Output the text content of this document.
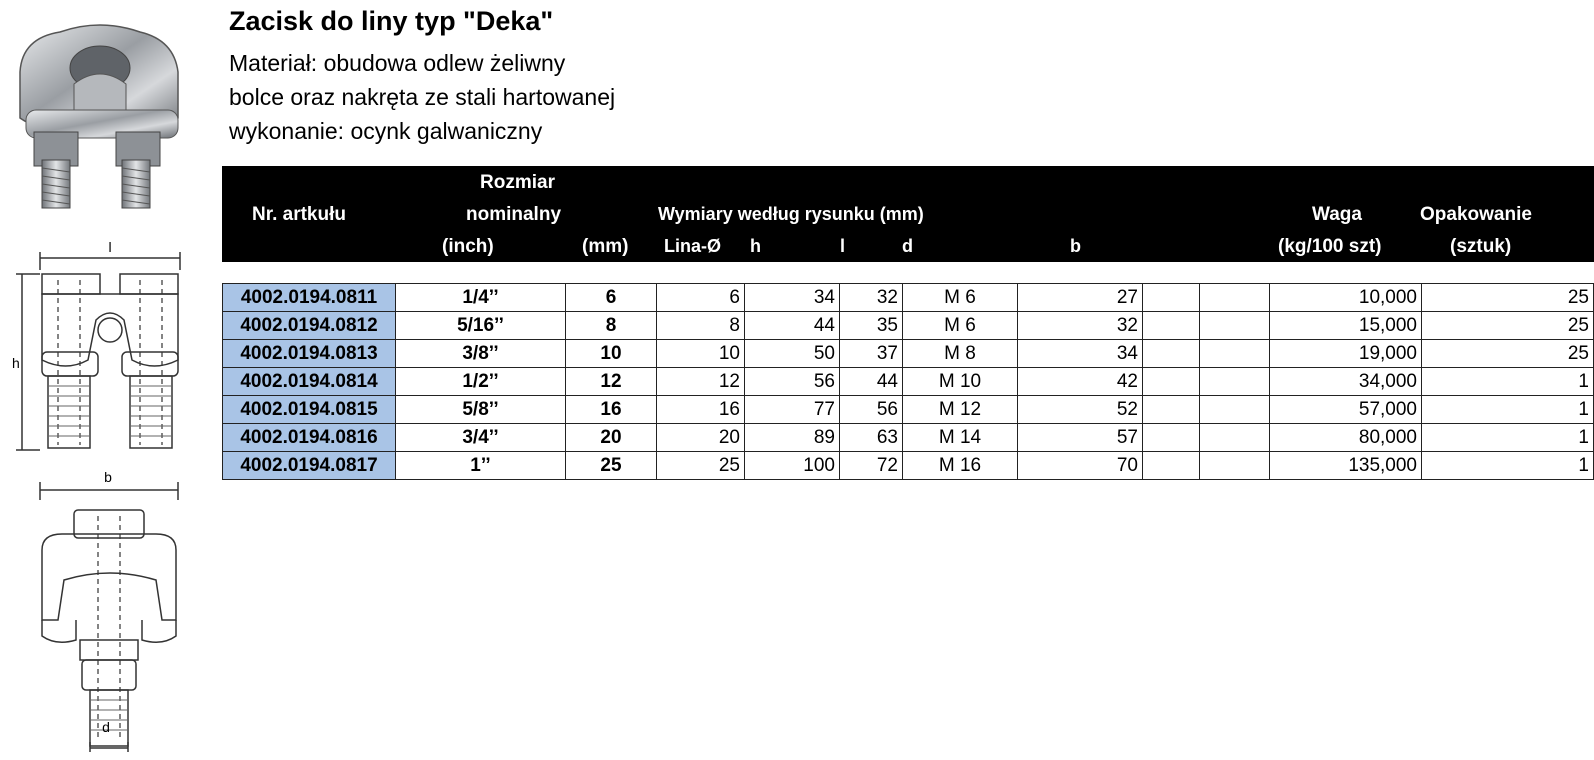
l
h
b
d
Zacisk do liny typ "Deka"
Materiał: obudowa odlew żeliwny
bolce oraz nakręta ze stali hartowanej
wykonanie: ocynk galwaniczny
Nr. artkułu
Rozmiar
nominalny
(inch)	(mm)
Wymiary według rysunku (mm)
Lina-Ø h	l	d	b
Waga
(kg/100 szt)
Opakowanie
(sztuk)
4002.0194.0811	1/4’’	6	6	34	32	M 6	27			10,000	25
4002.0194.0812	5/16’’	8	8	44	35	M 6	32			15,000	25
4002.0194.0813	3/8’’	10	10	50	37	M 8	34			19,000	25
4002.0194.0814	1/2’’	12	12	56	44	M 10	42			34,000	1
4002.0194.0815	5/8’’	16	16	77	56	M 12	52			57,000	1
4002.0194.0816	3/4’’	20	20	89	63	M 14	57			80,000	1
4002.0194.0817	1’’	25	25	100	72	M 16	70			135,000	1
